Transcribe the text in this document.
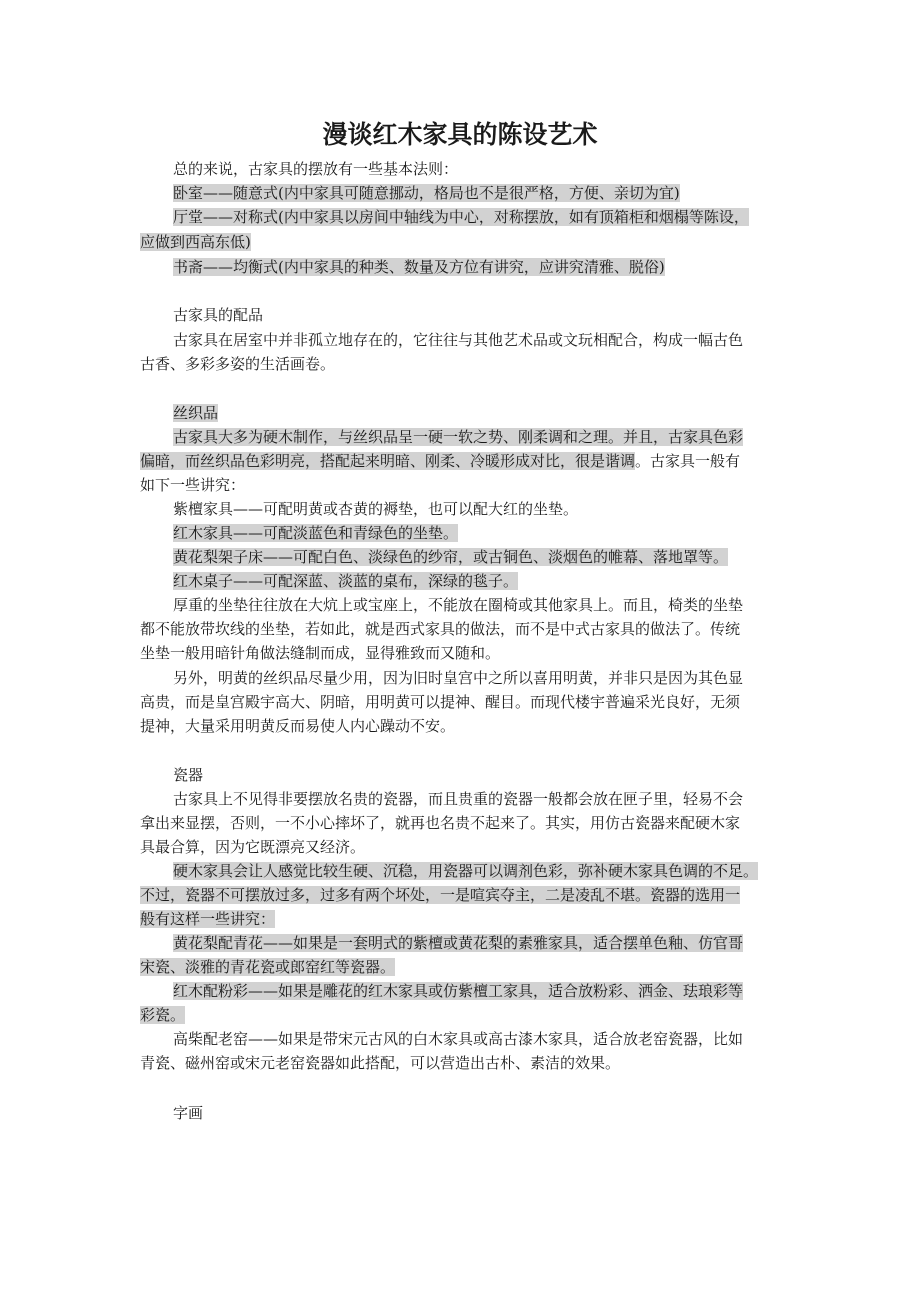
漫谈红木家具的陈设艺术
总的来说，古家具的摆放有一些基本法则：
卧室——随意式(内中家具可随意挪动，格局也不是很严格，方便、亲切为宜)
厅堂——对称式(内中家具以房间中轴线为中心，对称摆放，如有顶箱柜和烟榻等陈设，
应做到西高东低)
书斋——均衡式(内中家具的种类、数量及方位有讲究，应讲究清雅、脱俗)
古家具的配品
古家具在居室中并非孤立地存在的，它往往与其他艺术品或文玩相配合，构成一幅古色
古香、多彩多姿的生活画卷。
丝织品
古家具大多为硬木制作，与丝织品呈一硬一软之势、刚柔调和之理。并且，古家具色彩
偏暗，而丝织品色彩明亮，搭配起来明暗、刚柔、冷暖形成对比，很是谐调。古家具一般有
如下一些讲究：
紫檀家具——可配明黄或杏黄的褥垫，也可以配大红的坐垫。
红木家具——可配淡蓝色和青绿色的坐垫。
黄花梨架子床——可配白色、淡绿色的纱帘，或古铜色、淡烟色的帷幕、落地罩等。
红木桌子——可配深蓝、淡蓝的桌布，深绿的毯子。
厚重的坐垫往往放在大炕上或宝座上，不能放在圈椅或其他家具上。而且，椅类的坐垫
都不能放带坎线的坐垫，若如此，就是西式家具的做法，而不是中式古家具的做法了。传统
坐垫一般用暗针角做法缝制而成，显得雅致而又随和。
另外，明黄的丝织品尽量少用，因为旧时皇宫中之所以喜用明黄，并非只是因为其色显
高贵，而是皇宫殿宇高大、阴暗，用明黄可以提神、醒目。而现代楼宇普遍采光良好，无须
提神，大量采用明黄反而易使人内心躁动不安。
瓷器
古家具上不见得非要摆放名贵的瓷器，而且贵重的瓷器一般都会放在匣子里，轻易不会
拿出来显摆，否则，一不小心摔坏了，就再也名贵不起来了。其实，用仿古瓷器来配硬木家
具最合算，因为它既漂亮又经济。
硬木家具会让人感觉比较生硬、沉稳，用瓷器可以调剂色彩，弥补硬木家具色调的不足。
不过，瓷器不可摆放过多，过多有两个坏处，一是喧宾夺主，二是凌乱不堪。瓷器的选用一
般有这样一些讲究：
黄花梨配青花——如果是一套明式的紫檀或黄花梨的素雅家具，适合摆单色釉、仿官哥
宋瓷、淡雅的青花瓷或郎窑红等瓷器。
红木配粉彩——如果是雕花的红木家具或仿紫檀工家具，适合放粉彩、洒金、珐琅彩等
彩瓷。
高柴配老窑——如果是带宋元古风的白木家具或高古漆木家具，适合放老窑瓷器，比如
青瓷、磁州窑或宋元老窑瓷器如此搭配，可以营造出古朴、素洁的效果。
字画
